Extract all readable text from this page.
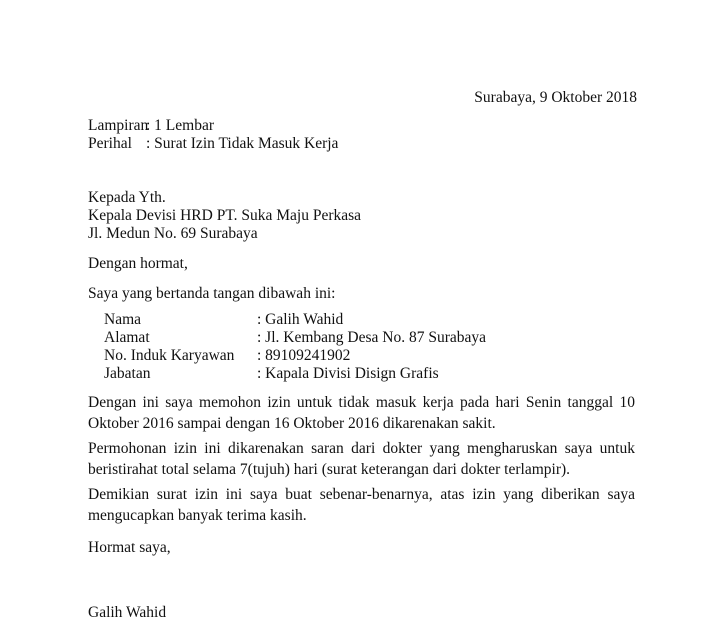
Surabaya, 9 Oktober 2018
Lampiran: 1 Lembar
Perihal : Surat Izin Tidak Masuk Kerja
Kepada Yth.
Kepala Devisi HRD PT. Suka Maju Perkasa
Jl. Medun No. 69 Surabaya
Dengan hormat,
Saya yang bertanda tangan dibawah ini:
Nama	: Galih Wahid
Alamat	: Jl. Kembang Desa No. 87 Surabaya
No. Induk Karyawan : 89109241902
Jabatan	: Kapala Divisi Disign Grafis
Dengan ini saya memohon izin untuk tidak masuk kerja pada hari Senin tanggal 10 Oktober 2016 sampai dengan 16 Oktober 2016 dikarenakan sakit.
Permohonan izin ini dikarenakan saran dari dokter yang mengharuskan saya untuk beristirahat total selama 7(tujuh) hari (surat keterangan dari dokter terlampir).
Demikian surat izin ini saya buat sebenar-benarnya, atas izin yang diberikan saya mengucapkan banyak terima kasih.
Hormat saya,
Galih Wahid
